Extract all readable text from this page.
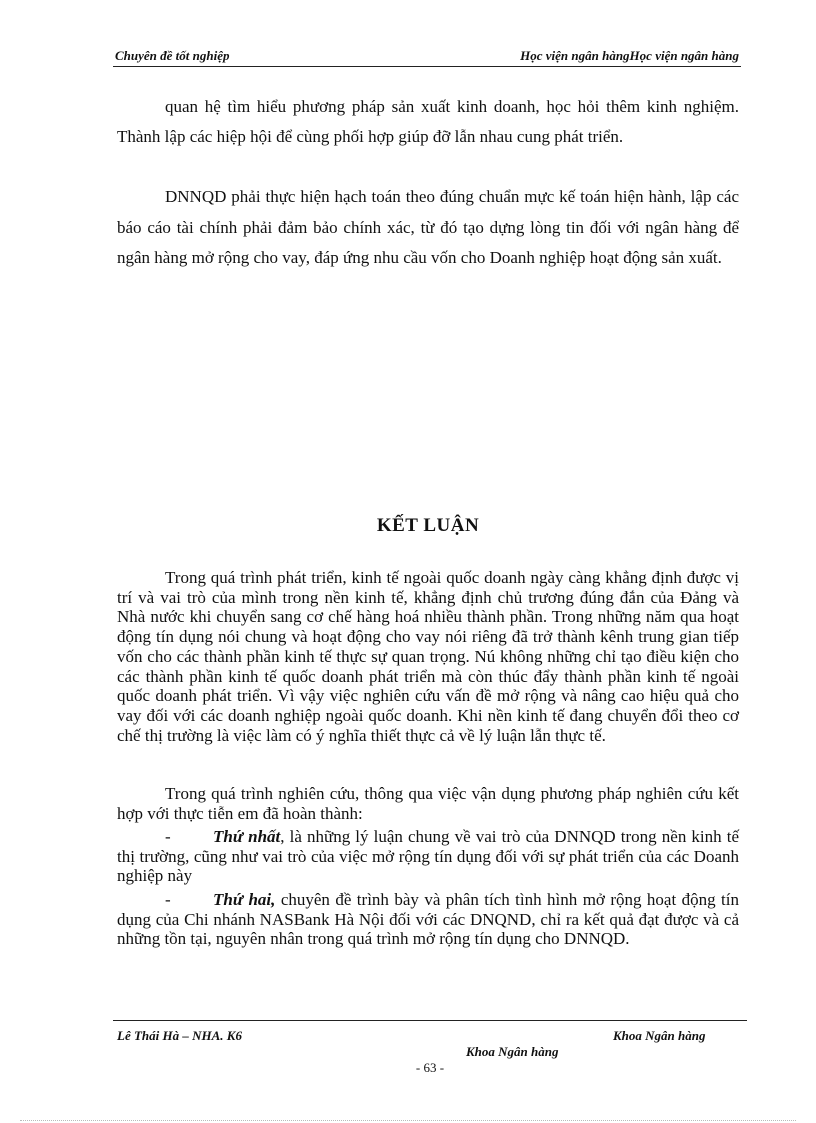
Chuyên đề tốt nghiệp	Học viện ngân hàngHọc viện ngân hàng

quan hệ tìm hiểu phương pháp sản xuất kinh doanh, học hỏi thêm kinh nghiệm. Thành lập các hiệp hội để cùng phối hợp giúp đỡ lẫn nhau cung phát triển.

DNNQD phải thực hiện hạch toán theo đúng chuẩn mực kế toán hiện hành, lập các báo cáo tài chính phải đảm bảo chính xác, từ đó tạo dựng lòng tin đối với ngân hàng để ngân hàng mở rộng cho vay, đáp ứng nhu cầu vốn cho Doanh nghiệp hoạt động sản xuất.

KẾT LUẬN

Trong quá trình phát triển, kinh tế ngoài quốc doanh ngày càng khẳng định được vị trí và vai trò của mình trong nền kinh tế, khẳng định chủ trương đúng đắn của Đảng và Nhà nước khi chuyển sang cơ chế hàng hoá nhiều thành phần. Trong những năm qua hoạt động tín dụng nói chung và hoạt động cho vay nói riêng đã trở thành kênh trung gian tiếp vốn cho các thành phần kinh tế thực sự quan trọng. Nú không những chỉ tạo điều kiện cho các thành phần kinh tế quốc doanh phát triển mà còn thúc đẩy thành phần kinh tế ngoài quốc doanh phát triển. Vì vậy việc nghiên cứu vấn đề mở rộng và nâng cao hiệu quả cho vay đối với các doanh nghiệp ngoài quốc doanh. Khi nền kinh tế đang chuyển đổi theo cơ chế thị trường là việc làm có ý nghĩa thiết thực cả về lý luận lẫn thực tế.

Trong quá trình nghiên cứu, thông qua việc vận dụng phương pháp nghiên cứu kết hợp với thực tiễn em đã hoàn thành:

- Thứ nhất, là những lý luận chung về vai trò của DNNQD trong nền kinh tế thị trường, cũng như vai trò của việc mở rộng tín dụng đối với sự phát triển của các Doanh nghiệp này

- Thứ hai, chuyên đề trình bày và phân tích tình hình mở rộng hoạt động tín dụng của Chi nhánh NASBank Hà Nội đối với các DNQND, chỉ ra kết quả đạt được và cả những tồn tại, nguyên nhân trong quá trình mở rộng tín dụng cho DNNQD.

Lê Thái Hà – NHA. K6	Khoa Ngân hàng
Khoa Ngân hàng
- 63 -
